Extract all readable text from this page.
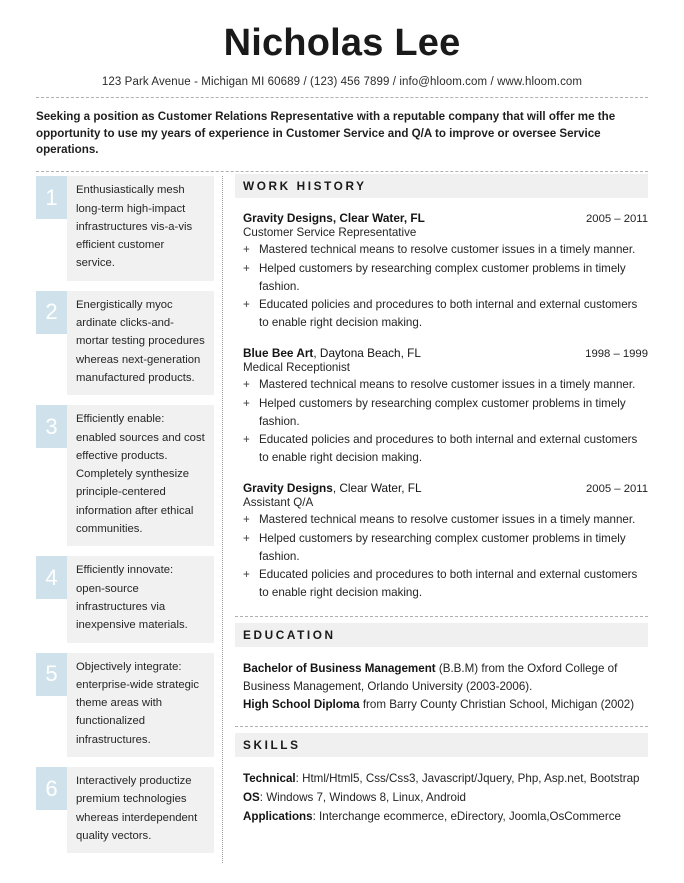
Nicholas Lee
123 Park Avenue - Michigan MI 60689 / (123) 456 7899 / info@hloom.com / www.hloom.com
Seeking a position as Customer Relations Representative with a reputable company that will offer me the opportunity to use my years of experience in Customer Service and Q/A to improve or oversee Service operations.
1	Enthusiastically mesh long-term high-impact infrastructures vis-a-vis efficient customer service.
2	Energistically myoc ardinate clicks-and-mortar testing procedures whereas next-generation manufactured products.
3	Efficiently enable: enabled sources and cost effective products. Completely synthesize principle-centered information after ethical communities.
4	Efficiently innovate: open-source infrastructures via inexpensive materials.
5	Objectively integrate: enterprise-wide strategic theme areas with functionalized infrastructures.
6	Interactively productize premium technologies whereas interdependent quality vectors.
WORK HISTORY
Gravity Designs, Clear Water, FL	2005 – 2011
Customer Service Representative
+ Mastered technical means to resolve customer issues in a timely manner.
+ Helped customers by researching complex customer problems in timely fashion.
+ Educated policies and procedures to both internal and external customers to enable right decision making.
Blue Bee Art, Daytona Beach, FL	1998 – 1999
Medical Receptionist
+ Mastered technical means to resolve customer issues in a timely manner.
+ Helped customers by researching complex customer problems in timely fashion.
+ Educated policies and procedures to both internal and external customers to enable right decision making.
Gravity Designs, Clear Water, FL	2005 – 2011
Assistant Q/A
+ Mastered technical means to resolve customer issues in a timely manner.
+ Helped customers by researching complex customer problems in timely fashion.
+ Educated policies and procedures to both internal and external customers to enable right decision making.
EDUCATION
Bachelor of Business Management (B.B.M) from the Oxford College of Business Management, Orlando University (2003-2006).
High School Diploma from Barry County Christian School, Michigan (2002)
SKILLS
Technical: Html/Html5, Css/Css3, Javascript/Jquery, Php, Asp.net, Bootstrap
OS: Windows 7, Windows 8, Linux, Android
Applications: Interchange ecommerce, eDirectory, Joomla,OsCommerce
